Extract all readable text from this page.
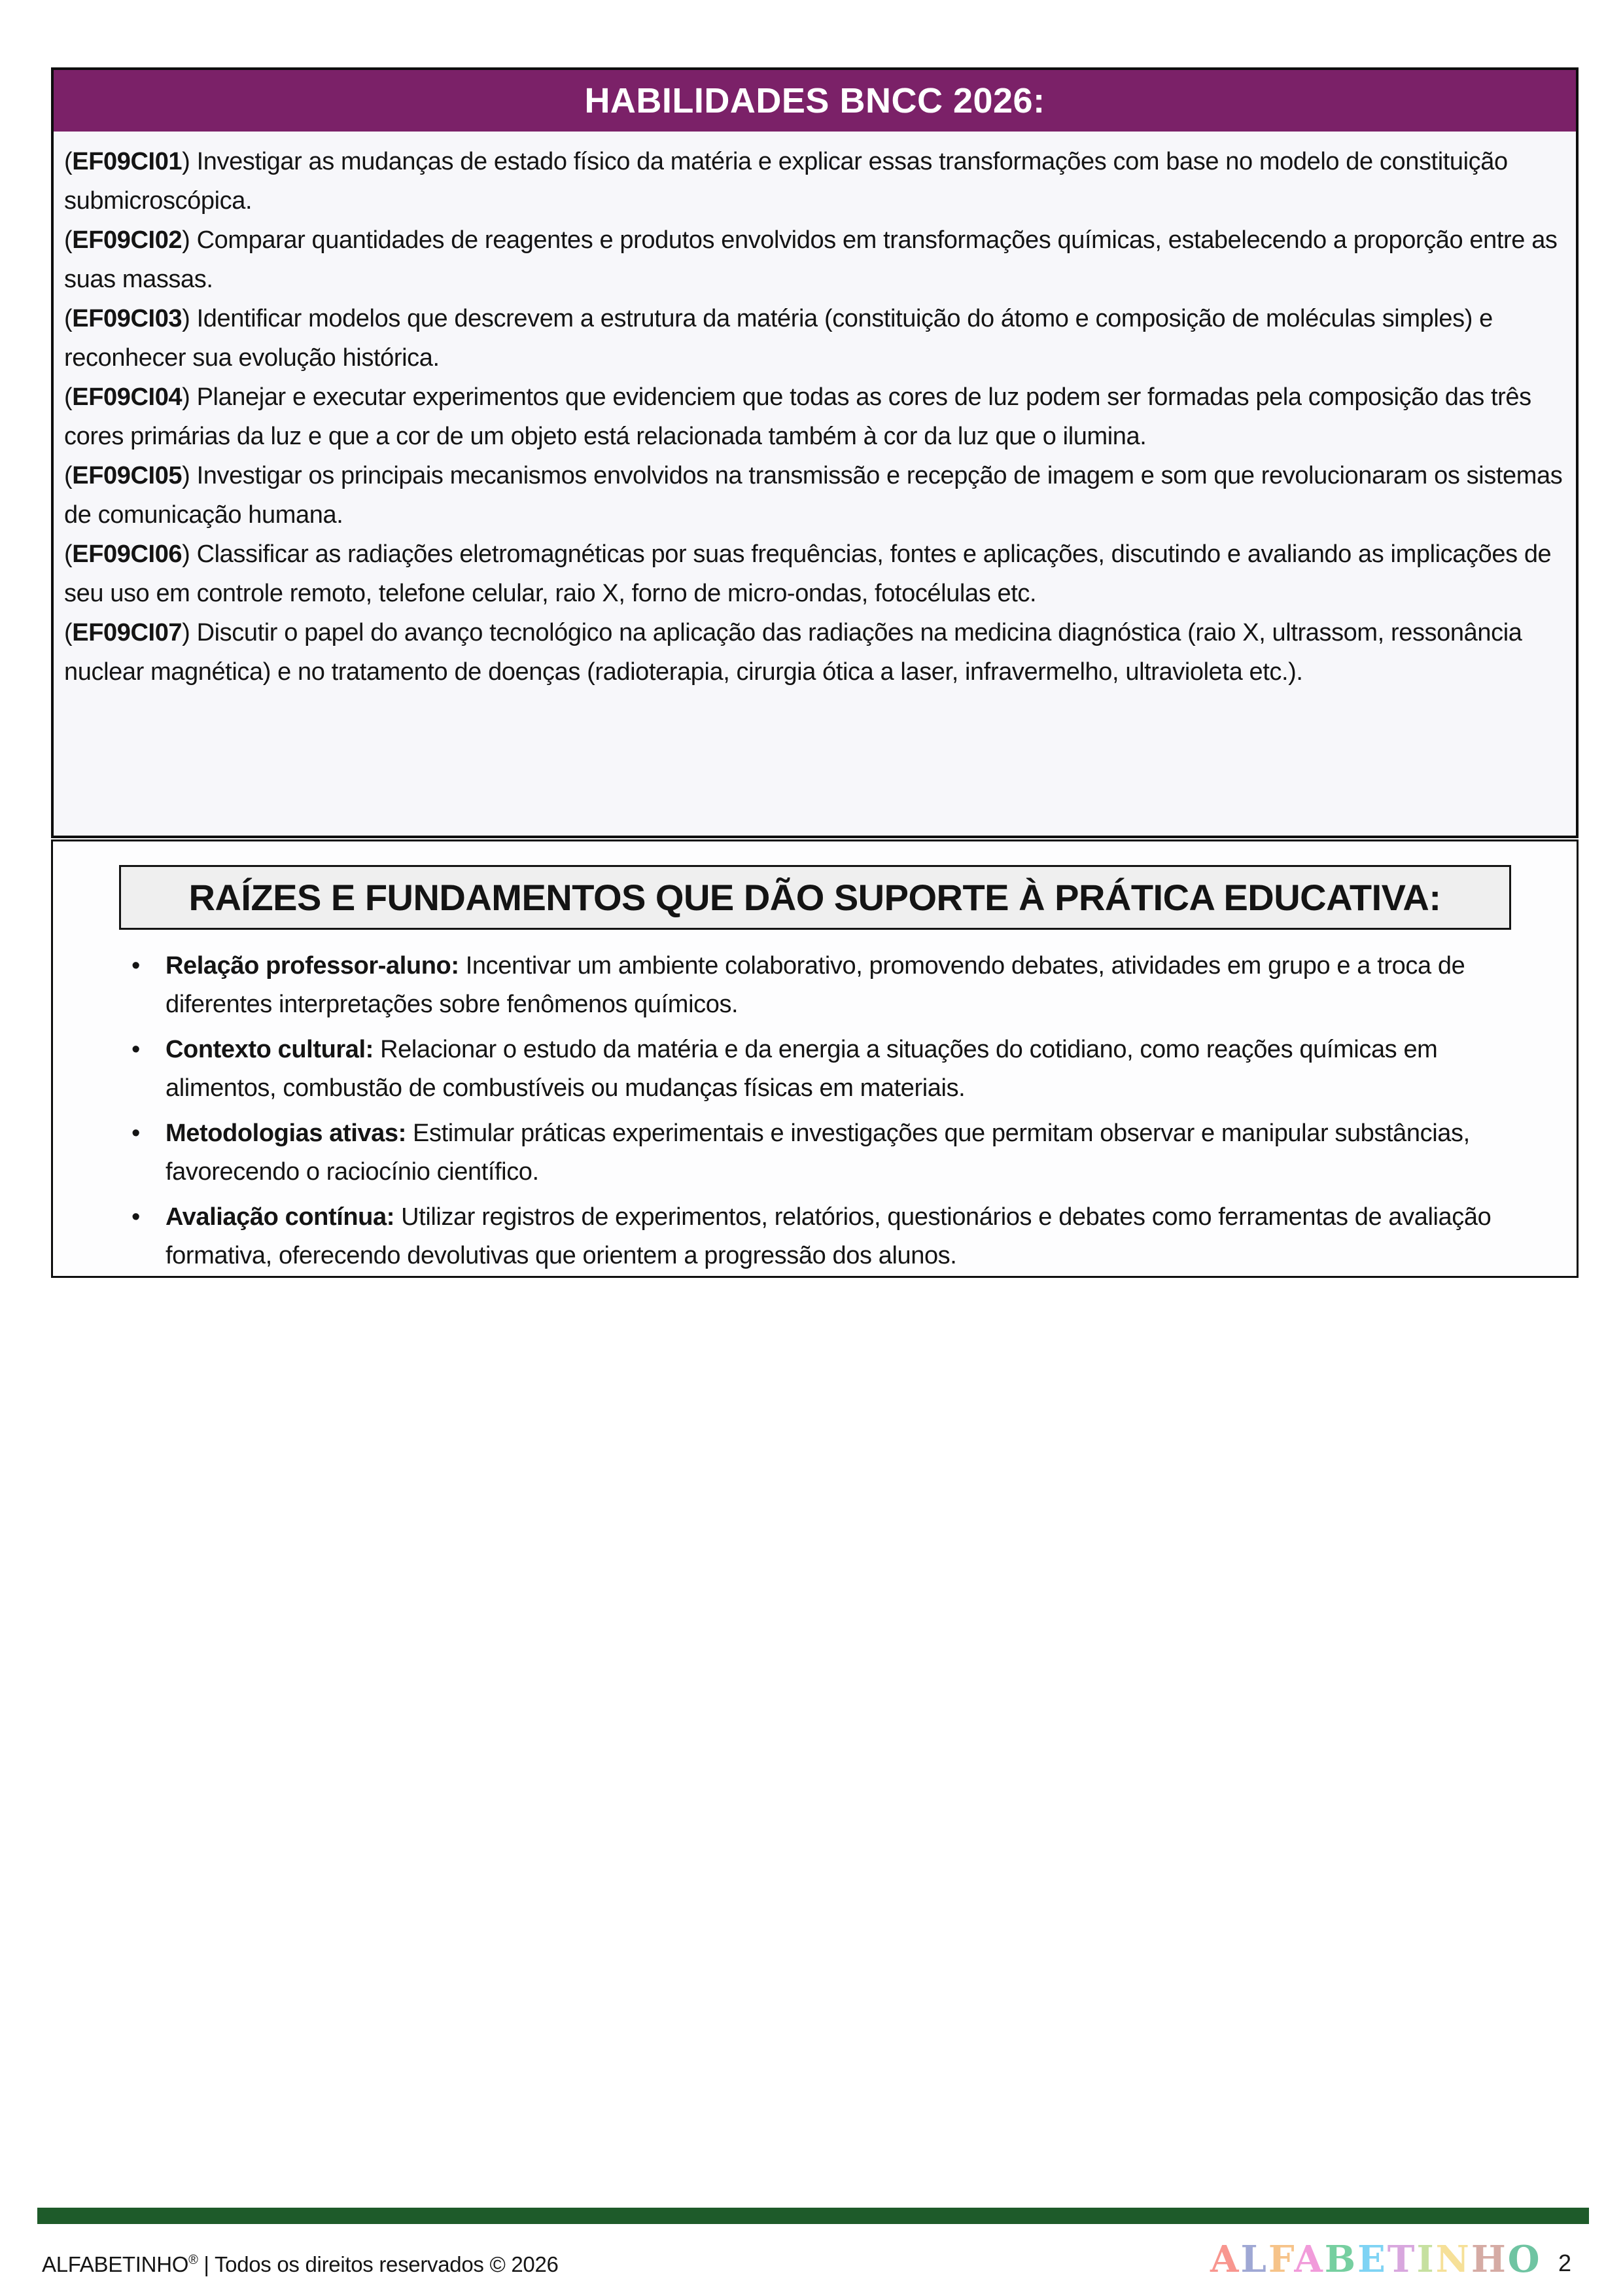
HABILIDADES BNCC 2026:

(EF09CI01) Investigar as mudanças de estado físico da matéria e explicar essas transformações com base no modelo de constituição submicroscópica.

(EF09CI02) Comparar quantidades de reagentes e produtos envolvidos em transformações químicas, estabelecendo a proporção entre as suas massas.

(EF09CI03) Identificar modelos que descrevem a estrutura da matéria (constituição do átomo e composição de moléculas simples) e reconhecer sua evolução histórica.

(EF09CI04) Planejar e executar experimentos que evidenciem que todas as cores de luz podem ser formadas pela composição das três cores primárias da luz e que a cor de um objeto está relacionada também à cor da luz que o ilumina.

(EF09CI05) Investigar os principais mecanismos envolvidos na transmissão e recepção de imagem e som que revolucionaram os sistemas de comunicação humana.

(EF09CI06) Classificar as radiações eletromagnéticas por suas frequências, fontes e aplicações, discutindo e avaliando as implicações de seu uso em controle remoto, telefone celular, raio X, forno de micro-ondas, fotocélulas etc.

(EF09CI07) Discutir o papel do avanço tecnológico na aplicação das radiações na medicina diagnóstica (raio X, ultrassom, ressonância nuclear magnética) e no tratamento de doenças (radioterapia, cirurgia ótica a laser, infravermelho, ultravioleta etc.).

RAÍZES E FUNDAMENTOS QUE DÃO SUPORTE À PRÁTICA EDUCATIVA:
• Relação professor-aluno: Incentivar um ambiente colaborativo, promovendo debates, atividades em grupo e a troca de diferentes interpretações sobre fenômenos químicos.
• Contexto cultural: Relacionar o estudo da matéria e da energia a situações do cotidiano, como reações químicas em alimentos, combustão de combustíveis ou mudanças físicas em materiais.
• Metodologias ativas: Estimular práticas experimentais e investigações que permitam observar e manipular substâncias, favorecendo o raciocínio científico.
• Avaliação contínua: Utilizar registros de experimentos, relatórios, questionários e debates como ferramentas de avaliação formativa, oferecendo devolutivas que orientem a progressão dos alunos.
ALFABETINHO® | Todos os direitos reservados © 2026	ALFABETINHO 2
